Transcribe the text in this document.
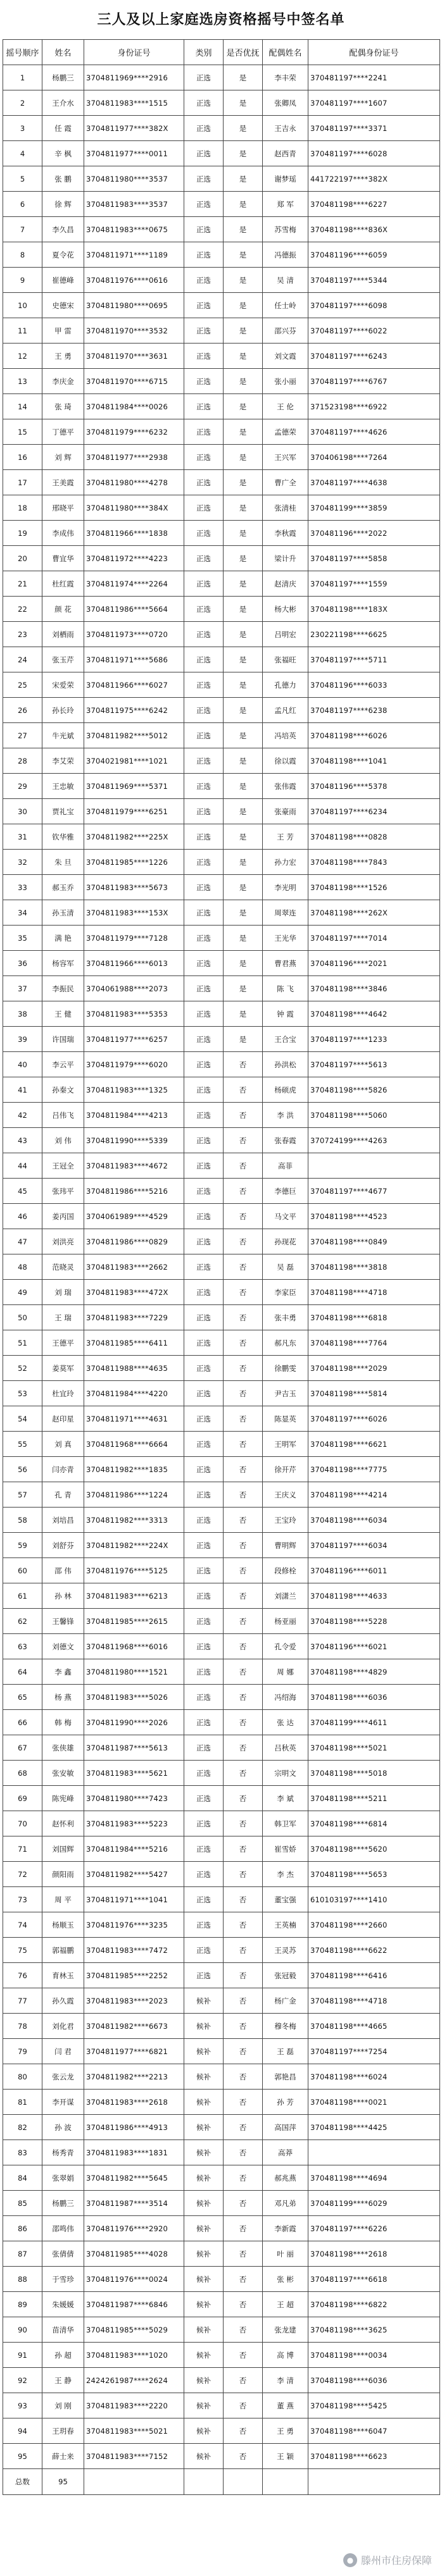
三人及以上家庭选房资格摇号中签名单
摇号顺序	姓名	身份证号	类别	是否优抚	配偶姓名	配偶身份证号
1	杨鹏三	3704811969****2916	正选	是	李丰荣	370481197****2241
2	王介水	3704811983****1515	正选	是	张卿凤	370481197****1607
3	任 霞	3704811977****382X	正选	是	王吉永	370481197****3371
4	辛 枫	3704811977****0011	正选	是	赵西青	370481197****6028
5	张 鹏	3704811980****3537	正选	是	谢梦瑶	441722197****382X
6	徐 辉	3704811983****3537	正选	是	郑 军	370481198****6227
7	李久昌	3704811983****0675	正选	是	苏雪梅	370481198****836X
8	夏令花	3704811971****1189	正选	是	冯德振	370481196****6059
9	崔德峰	3704811976****0616	正选	是	吴 清	370481197****5344
10	史德宋	3704811980****0695	正选	是	任士岭	370481197****6098
11	甲 雷	3704811970****3532	正选	是	邵兴芬	370481197****6022
12	王 勇	3704811970****3631	正选	是	刘文霞	370481197****6243
13	李庆金	3704811970****6715	正选	是	张小丽	370481197****6767
14	张 琦	3704811984****0026	正选	是	王 伦	371523198****6922
15	丁德平	3704811979****6232	正选	是	孟德荣	370481197****4626
16	刘 辉	3704811977****2938	正选	是	王兴军	370406198****7264
17	王美霞	3704811980****4278	正选	是	曹广全	370481197****4638
18	邢晓平	3704811980****384X	正选	是	张清桂	370481199****3859
19	李成伟	3704811966****1838	正选	是	李秋霞	370481196****2022
20	曹宜华	3704811972****4223	正选	是	梁计升	370481197****5858
21	杜红霞	3704811974****2264	正选	是	赵清庆	370481197****1559
22	颜 花	3704811986****5664	正选	是	杨大彬	370481198****183X
23	刘栖雨	3704811973****0720	正选	是	吕明宏	230221198****6625
24	张玉芹	3704811971****5686	正选	是	张福旺	370481197****5711
25	宋爱荣	3704811966****6027	正选	是	孔德力	370481196****6033
26	孙长玲	3704811975****6242	正选	是	孟凡红	370481197****6238
27	牛光斌	3704811982****5012	正选	是	冯培英	370481198****6026
28	李艾荣	3704021981****1021	正选	是	徐以霞	370481198****1041
29	王忠敏	3704811969****5371	正选	是	张伟霞	370481196****5378
30	贾礼宝	3704811979****6251	正选	是	张豪雨	370481197****6234
31	钦华雅	3704811982****225X	正选	是	王 芳	370481198****0828
32	朱 旦	3704811985****1226	正选	是	孙力宏	370481198****7843
33	郝玉乔	3704811983****5673	正选	是	李光明	370481198****1526
34	孙玉清	3704811983****153X	正选	是	周翠连	370481198****262X
35	满 艳	3704811979****7128	正选	是	王光华	370481197****7014
36	杨容军	3704811966****6013	正选	是	曹君燕	370481196****2021
37	李振民	3704061988****2073	正选	是	陈 飞	370481198****3846
38	王 健	3704811983****5353	正选	是	钟 霞	370481198****4642
39	许国瑞	3704811977****6257	正选	是	王合宝	370481197****1233
40	李云平	3704811979****6020	正选	否	孙洪松	370481197****5613
41	孙秦文	3704811983****1325	正选	否	杨硕虎	370481198****5826
42	吕伟飞	3704811984****4213	正选	否	李 洪	370481198****5060
43	刘 伟	3704811990****5339	正选	否	张春霞	370724199****4263
44	王冠全	3704811983****4672	正选	否	高菲	
45	张玮平	3704811986****5216	正选	否	李德巨	370481197****4677
46	姜丙国	3704061989****4529	正选	否	马文平	370481198****4523
47	刘洪亮	3704811986****0829	正选	否	孙现花	370481198****0849
48	范晓灵	3704811983****2662	正选	否	吴 磊	370481198****3818
49	刘 瑞	3704811983****472X	正选	否	李家臣	370481198****4718
50	王 瑞	3704811983****7229	正选	否	张丰勇	370481198****6818
51	王德平	3704811985****6411	正选	否	郝凡东	370481198****7764
52	姜莫军	3704811988****4635	正选	否	徐鹏雯	370481198****2029
53	杜宜玲	3704811984****4220	正选	否	尹吉玉	370481198****5814
54	赵印星	3704811971****4631	正选	否	陈显英	370481197****6026
55	刘 真	3704811968****6664	正选	否	王明军	370481198****6621
56	闫亦青	3704811982****1835	正选	否	徐开芹	370481198****7775
57	孔 青	3704811986****1224	正选	否	王庆义	370481198****4214
58	刘培昌	3704811982****3313	正选	否	王宝玲	370481198****6034
59	刘舒芬	3704811982****224X	正选	否	曹明辉	370481197****6034
60	邵 伟	3704811976****5125	正选	否	段修栓	370481196****6011
61	孙 林	3704811983****6213	正选	否	刘潇兰	370481198****4633
62	王馨锋	3704811985****2615	正选	否	杨亚丽	370481198****5228
63	刘德文	3704811968****6016	正选	否	孔令爱	370481196****6021
64	李 鑫	3704811980****1521	正选	否	周 娜	370481198****4829
65	杨 燕	3704811983****5026	正选	否	冯绍海	370481198****6036
66	韩 梅	3704811990****2026	正选	否	张 达	370481199****4611
67	张侠雄	3704811987****5613	正选	否	吕秋英	370481198****5021
68	张安敏	3704811983****5621	正选	否	宗明文	370481198****5018
69	陈宪峰	3704811980****7423	正选	否	李 斌	370481198****5211
70	赵怀利	3704811983****5223	正选	否	韩卫军	370481198****6814
71	刘国辉	3704811984****5216	正选	否	崔雪娇	370481198****5620
72	颜阳雨	3704811982****5427	正选	否	李 杰	370481198****5653
73	周 平	3704811971****1041	正选	否	董宝强	610103197****1410
74	杨顺玉	3704811976****3235	正选	否	王英楠	370481198****2660
75	郭福鹏	3704811983****7472	正选	否	王灵苏	370481198****6622
76	育林玉	3704811985****2252	正选	否	张冠毅	370481198****6416
77	孙久霞	3704811983****2023	候补	否	杨广金	370481198****4718
78	刘化君	3704811982****6673	候补	否	穆冬梅	370481198****4665
79	闫 君	3704811977****6821	候补	否	王 磊	370481197****7254
80	张云龙	3704811982****2213	候补	否	郭艳昌	370481198****6024
81	李开谋	3704811983****2618	候补	否	孙 芳	370481198****0021
82	孙 波	3704811986****4913	候补	否	高国萍	370481198****4425
83	杨秀青	3704811983****1831	候补	否	高莽	
84	张翠娟	3704811982****5645	候补	否	郝兆燕	370481198****4694
85	杨鹏三	3704811987****3514	候补	否	邓凡弟	370481199****6029
86	邵鸣伟	3704811976****2920	候补	否	李新霞	370481197****6226
87	张倩倩	3704811985****4028	候补	否	叶 丽	370481198****2618
88	于雪珍	3704811976****0024	候补	否	张 彬	370481197****6618
89	朱媛媛	3704811987****6846	候补	否	王 超	370481198****6822
90	苗清华	3704811985****5029	候补	否	张龙建	370481198****3625
91	孙 超	3704811983****1020	候补	否	高 博	370481198****0034
92	王 静	2424261987****2624	候补	否	李 清	370481198****6036
93	刘 刚	3704811983****2220	候补	否	董 燕	370481198****5425
94	王玥春	3704811983****5021	候补	否	王 勇	370481198****6047
95	薛士来	3704811983****7152	候补	否	王 颖	370481198****6623
总数	95					
● 滕州市住房保障
